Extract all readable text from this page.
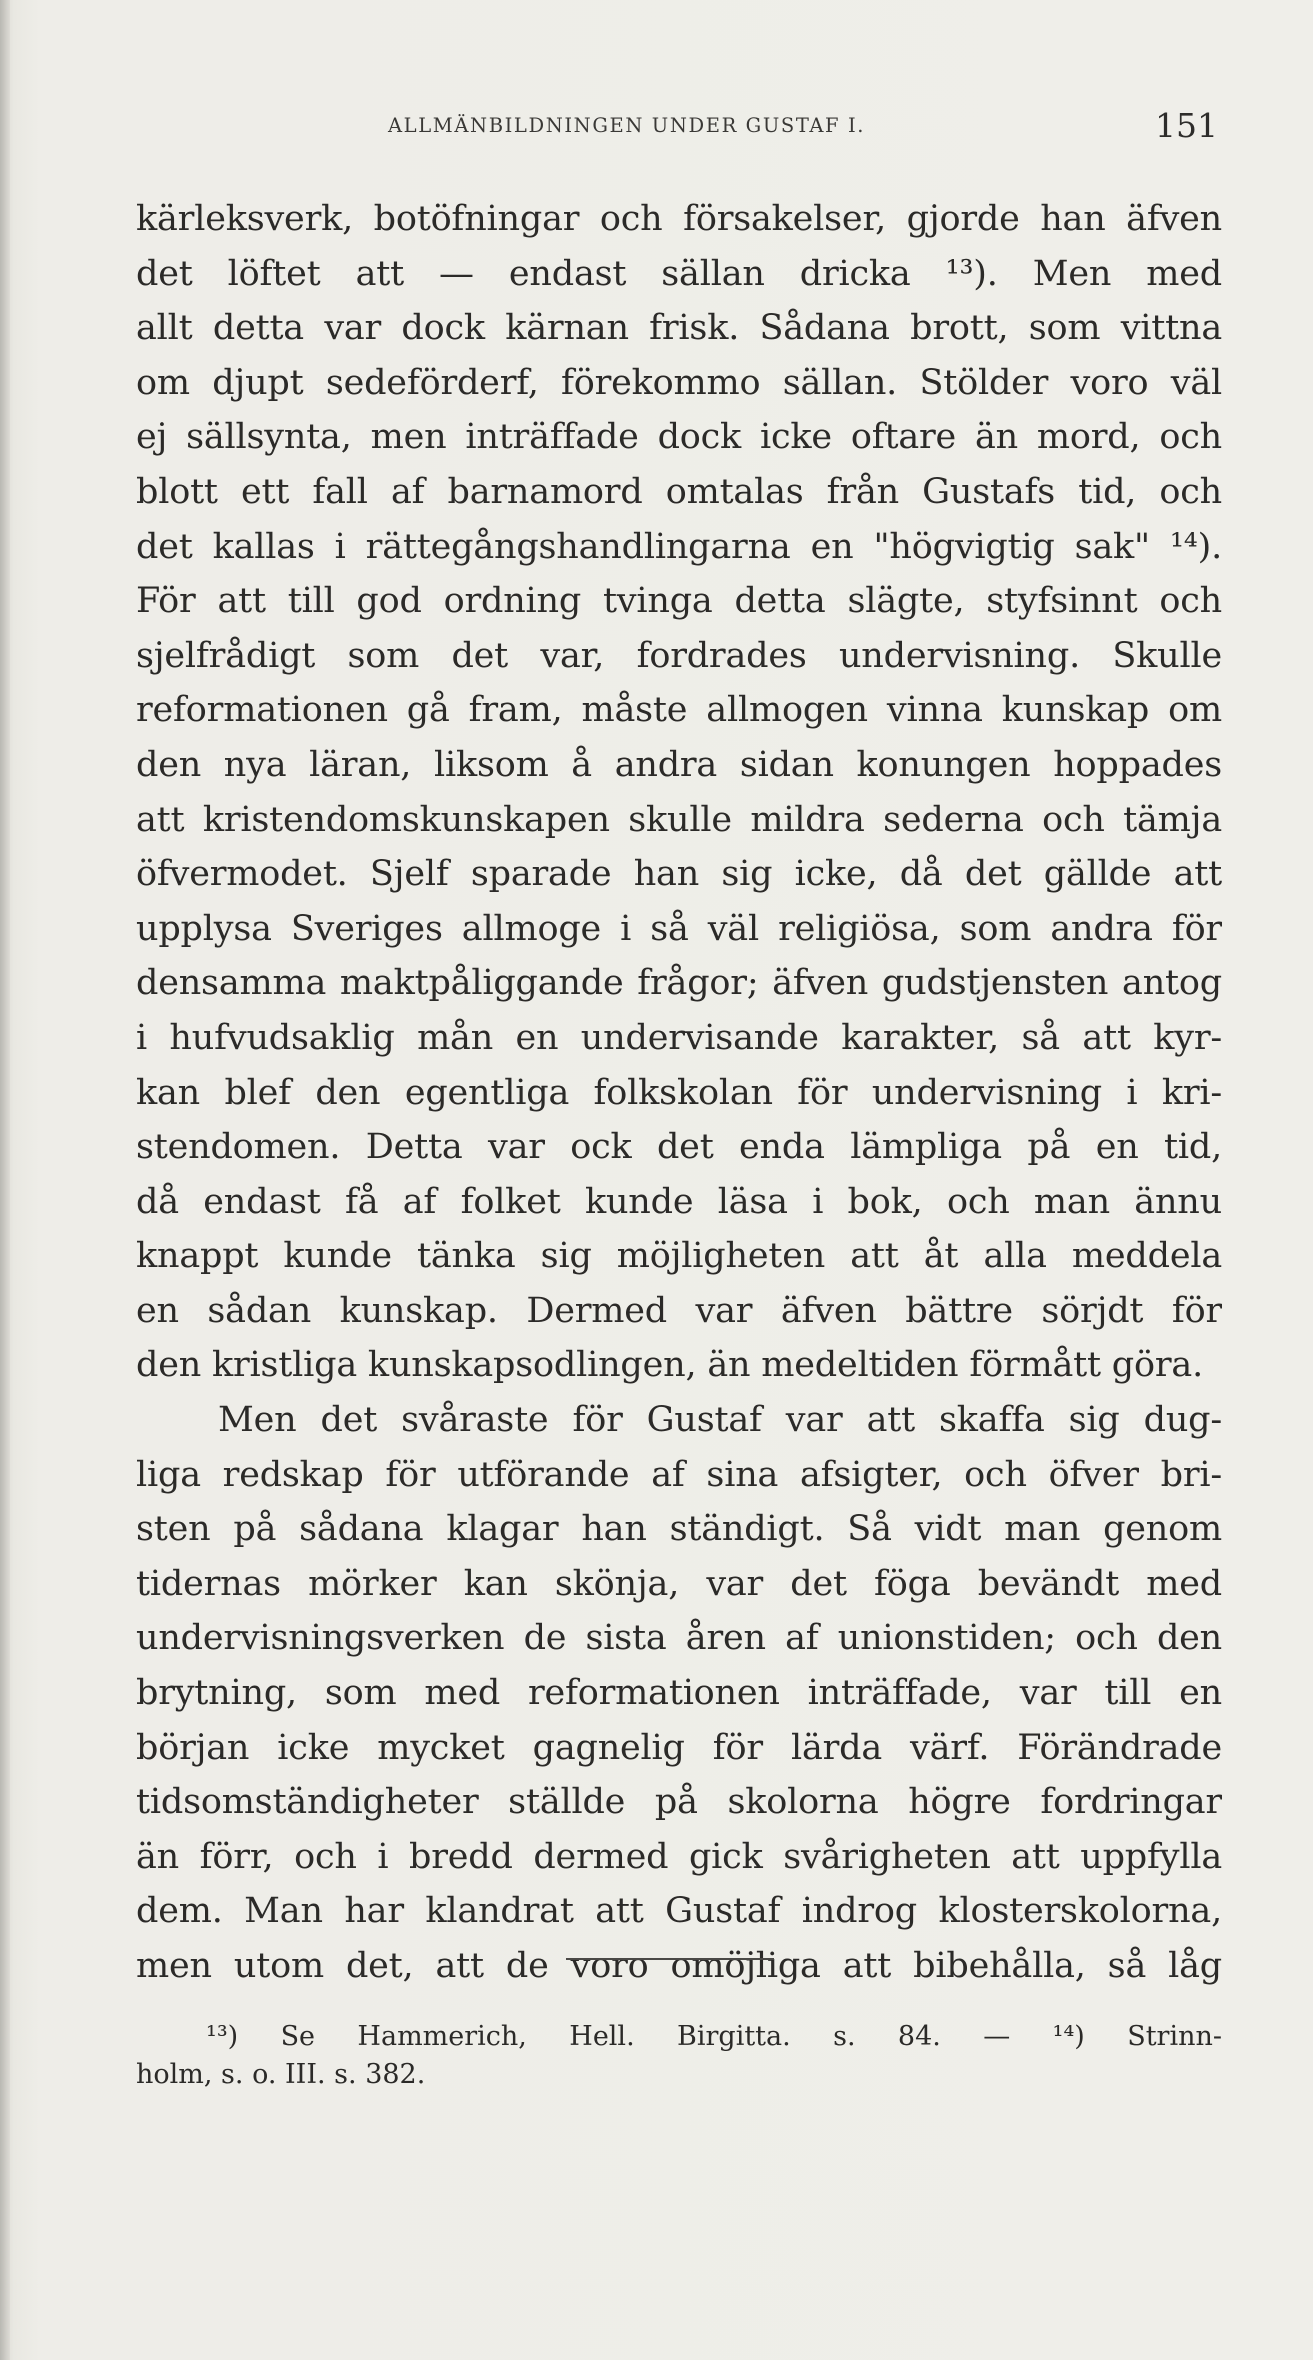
ALLMÄNBILDNINGEN UNDER GUSTAF I.	151
kärleksverk, botöfningar och försakelser, gjorde han äfven
det löftet att — endast sällan dricka ¹³). Men med
allt detta var dock kärnan frisk. Sådana brott, som vittna
om djupt sedeförderf, förekommo sällan. Stölder voro väl
ej sällsynta, men inträffade dock icke oftare än mord, och
blott ett fall af barnamord omtalas från Gustafs tid, och
det kallas i rättegångshandlingarna en "högvigtig sak" ¹⁴).
För att till god ordning tvinga detta slägte, styfsinnt och
sjelfrådigt som det var, fordrades undervisning. Skulle
reformationen gå fram, måste allmogen vinna kunskap om
den nya läran, liksom å andra sidan konungen hoppades
att kristendomskunskapen skulle mildra sederna och tämja
öfvermodet. Sjelf sparade han sig icke, då det gällde att
upplysa Sveriges allmoge i så väl religiösa, som andra för
densamma maktpåliggande frågor; äfven gudstjensten antog
i hufvudsaklig mån en undervisande karakter, så att kyr-
kan blef den egentliga folkskolan för undervisning i kri-
stendomen. Detta var ock det enda lämpliga på en tid,
då endast få af folket kunde läsa i bok, och man ännu
knappt kunde tänka sig möjligheten att åt alla meddela
en sådan kunskap. Dermed var äfven bättre sörjdt för
den kristliga kunskapsodlingen, än medeltiden förmått göra.
Men det svåraste för Gustaf var att skaffa sig dug-
liga redskap för utförande af sina afsigter, och öfver bri-
sten på sådana klagar han ständigt. Så vidt man genom
tidernas mörker kan skönja, var det föga bevändt med
undervisningsverken de sista åren af unionstiden; och den
brytning, som med reformationen inträffade, var till en
början icke mycket gagnelig för lärda värf. Förändrade
tidsomständigheter ställde på skolorna högre fordringar
än förr, och i bredd dermed gick svårigheten att uppfylla
dem. Man har klandrat att Gustaf indrog klosterskolorna,
men utom det, att de voro omöjliga att bibehålla, så låg
¹³) Se Hammerich, Hell. Birgitta. s. 84. — ¹⁴) Strinn-
holm, s. o. III. s. 382.
